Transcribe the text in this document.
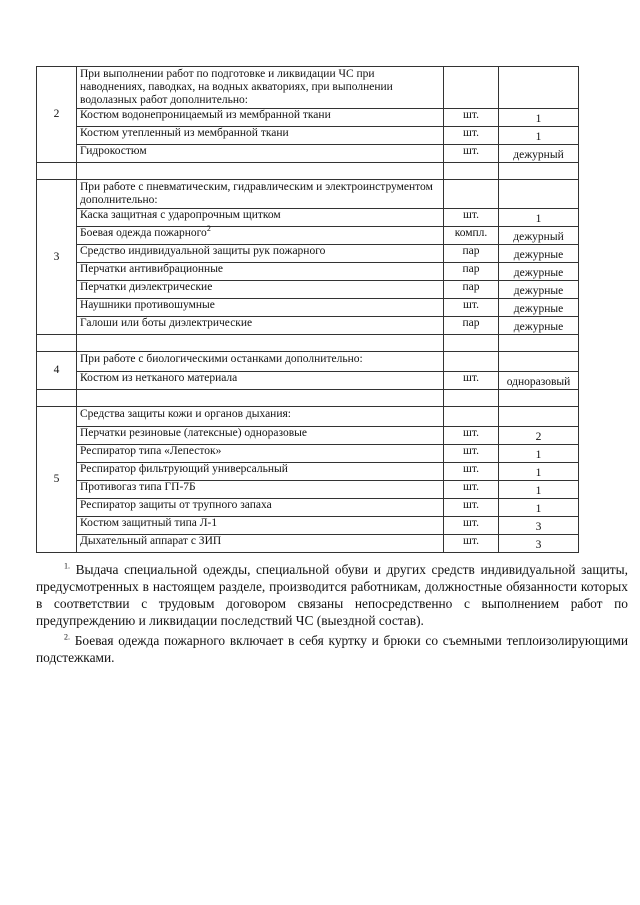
2	При выполнении работ по подготовке и ликвидации ЧС при наводнениях, паводках, на водных акваториях, при выполнении водолазных работ дополнительно:		
	Костюм водонепроницаемый из мембранной ткани	шт.	1
	Костюм утепленный из мембранной ткани	шт.	1
	Гидрокостюм	шт.	дежурный

3	При работе с пневматическим, гидравлическим и электроинструментом дополнительно:		
	Каска защитная с ударопрочным щитком	шт.	1
	Боевая одежда пожарного$^2$	компл.	дежурный
	Средство индивидуальной защиты рук пожарного	пар	дежурные
	Перчатки антивибрационные	пар	дежурные
	Перчатки диэлектрические	пар	дежурные
	Наушники противошумные	шт.	дежурные
	Галоши или боты диэлектрические	пар	дежурные

4	При работе с биологическими останками дополнительно:		
	Костюм из нетканого материала	шт.	одноразовый

5	Средства защиты кожи и органов дыхания:		
	Перчатки резиновые (латексные) одноразовые	шт.	2
	Респиратор типа «Лепесток»	шт.	1
	Респиратор фильтрующий универсальный	шт.	1
	Противогаз типа ГП-7Б	шт.	1
	Респиратор защиты от трупного запаха	шт.	1
	Костюм защитный типа Л-1	шт.	3
	Дыхательный аппарат с ЗИП	шт.	3

$^{1.}$ Выдача специальной одежды, специальной обуви и других средств индивидуальной защиты, предусмотренных в настоящем разделе, производится работникам, должностные обязанности которых в соответствии с трудовым договором связаны непосредственно с выполнением работ по предупреждению и ликвидации последствий ЧС (выездной состав).

$^{2.}$ Боевая одежда пожарного включает в себя куртку и брюки со съемными теплоизолирующими подстежками.
